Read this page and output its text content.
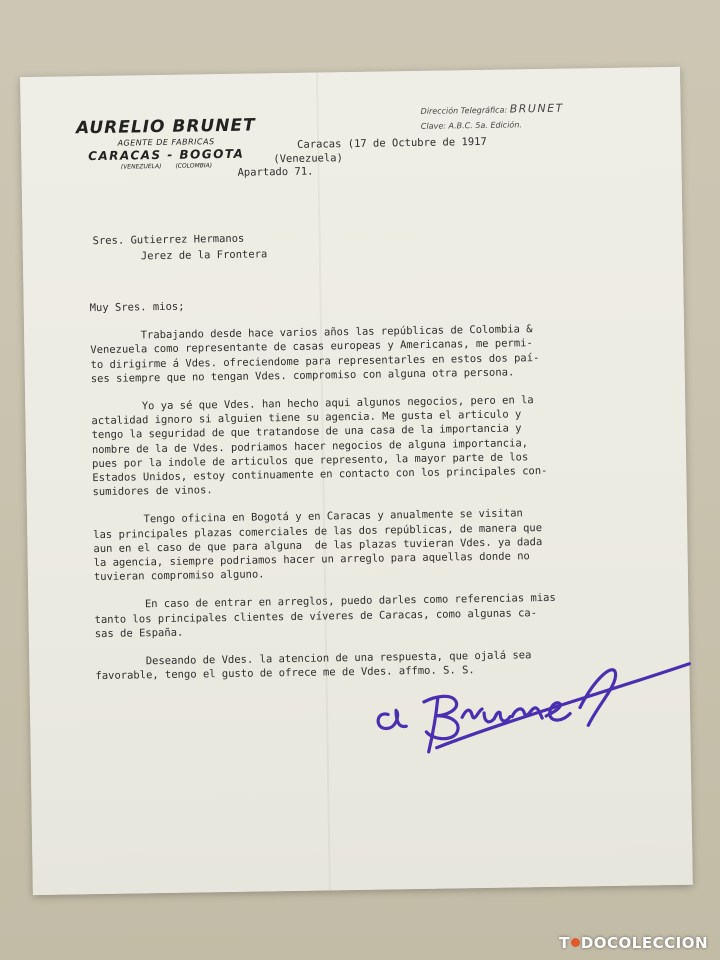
AURELIO BRUNET
AGENTE DE FABRICAS
CARACAS - BOGOTA
(VENEZUELA) (COLOMBIA)
Dirección Telegráfica: BRUNET
Clave: A.B.C. 5a. Edición.
Caracas (17 de Octubre de 1917
(Venezuela)
Apartado 71.
Sres. Gutierrez Hermanos
Jerez de la Frontera

Muy Sres. mios;

Trabajando desde hace varios años las repúblicas de Colombia &
Venezuela como representante de casas europeas y Americanas, me permi-
to dirigirme á Vdes. ofreciendome para representarles en estos dos paí-
ses siempre que no tengan Vdes. compromiso con alguna otra persona.

Yo ya sé que Vdes. han hecho aqui algunos negocios, pero en la
actalidad ignoro si alguien tiene su agencia. Me gusta el articulo y
tengo la seguridad de que tratandose de una casa de la importancia y
nombre de la de Vdes. podriamos hacer negocios de alguna importancia,
pues por la indole de articulos que represento, la mayor parte de los
Estados Unidos, estoy continuamente en contacto con los principales con-
sumidores de vinos.

Tengo oficina en Bogotá y en Caracas y anualmente se visitan
las principales plazas comerciales de las dos repúblicas, de manera que
aun en el caso de que para alguna  de las plazas tuvieran Vdes. ya dada
la agencia, siempre podriamos hacer un arreglo para aquellas donde no
tuvieran compromiso alguno.

En caso de entrar en arreglos, puedo darles como referencias mias
tanto los principales clientes de víveres de Caracas, como algunas ca-
sas de España.

Deseando de Vdes. la atencion de una respuesta, que ojalá sea
favorable, tengo el gusto de ofrece me de Vdes. affmo. S. S.

T DOCOLECCION
